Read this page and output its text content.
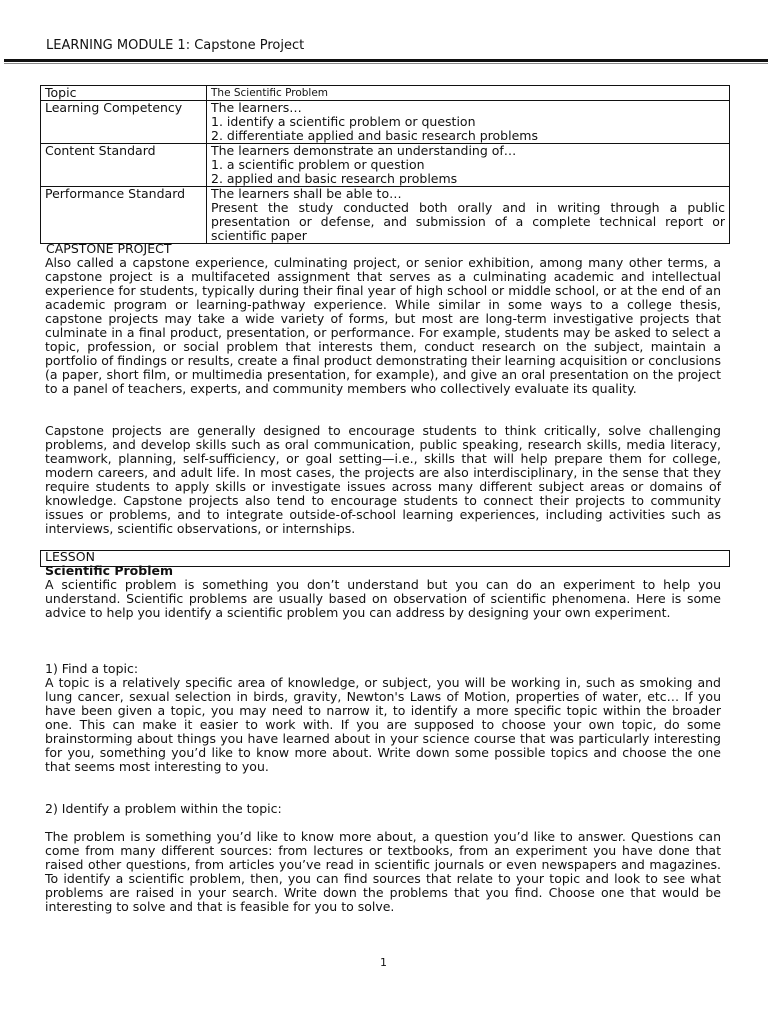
LEARNING MODULE 1: Capstone Project
Topic	The Scientific Problem
Learning Competency	The learners…
1. identify a scientific problem or question
2. differentiate applied and basic research problems

Content Standard	The learners demonstrate an understanding of…
1. a scientific problem or question
2. applied and basic research problems

Performance Standard	The learners shall be able to…
Present the study conducted both orally and in writing through a public presentation or defense, and submission of a complete technical report or scientific paper
CAPSTONE PROJECT

Also called a capstone experience, culminating project, or senior exhibition, among many other terms, a capstone project is a multifaceted assignment that serves as a culminating academic and intellectual experience for students, typically during their final year of high school or middle school, or at the end of an academic program or learning-pathway experience. While similar in some ways to a college thesis, capstone projects may take a wide variety of forms, but most are long-term investigative projects that culminate in a final product, presentation, or performance. For example, students may be asked to select a topic, profession, or social problem that interests them, conduct research on the subject, maintain a portfolio of findings or results, create a final product demonstrating their learning acquisition or conclusions (a paper, short film, or multimedia presentation, for example), and give an oral presentation on the project to a panel of teachers, experts, and community members who collectively evaluate its quality.

Capstone projects are generally designed to encourage students to think critically, solve challenging problems, and develop skills such as oral communication, public speaking, research skills, media literacy, teamwork, planning, self-sufficiency, or goal setting—i.e., skills that will help prepare them for college, modern careers, and adult life. In most cases, the projects are also interdisciplinary, in the sense that they require students to apply skills or investigate issues across many different subject areas or domains of knowledge. Capstone projects also tend to encourage students to connect their projects to community issues or problems, and to integrate outside-of-school learning experiences, including activities such as interviews, scientific observations, or internships.

LESSON
Scientific Problem

A scientific problem is something you don’t understand but you can do an experiment to help you understand. Scientific problems are usually based on observation of scientific phenomena. Here is some advice to help you identify a scientific problem you can address by designing your own experiment.

1) Find a topic:

A topic is a relatively specific area of knowledge, or subject, you will be working in, such as smoking and lung cancer, sexual selection in birds, gravity, Newton's Laws of Motion, properties of water, etc… If you have been given a topic, you may need to narrow it, to identify a more specific topic within the broader one. This can make it easier to work with. If you are supposed to choose your own topic, do some brainstorming about things you have learned about in your science course that was particularly interesting for you, something you’d like to know more about. Write down some possible topics and choose the one that seems most interesting to you.

2) Identify a problem within the topic:

The problem is something you’d like to know more about, a question you’d like to answer. Questions can come from many different sources: from lectures or textbooks, from an experiment you have done that raised other questions, from articles you’ve read in scientific journals or even newspapers and magazines. To identify a scientific problem, then, you can find sources that relate to your topic and look to see what problems are raised in your search. Write down the problems that you find. Choose one that would be interesting to solve and that is feasible for you to solve.

1
